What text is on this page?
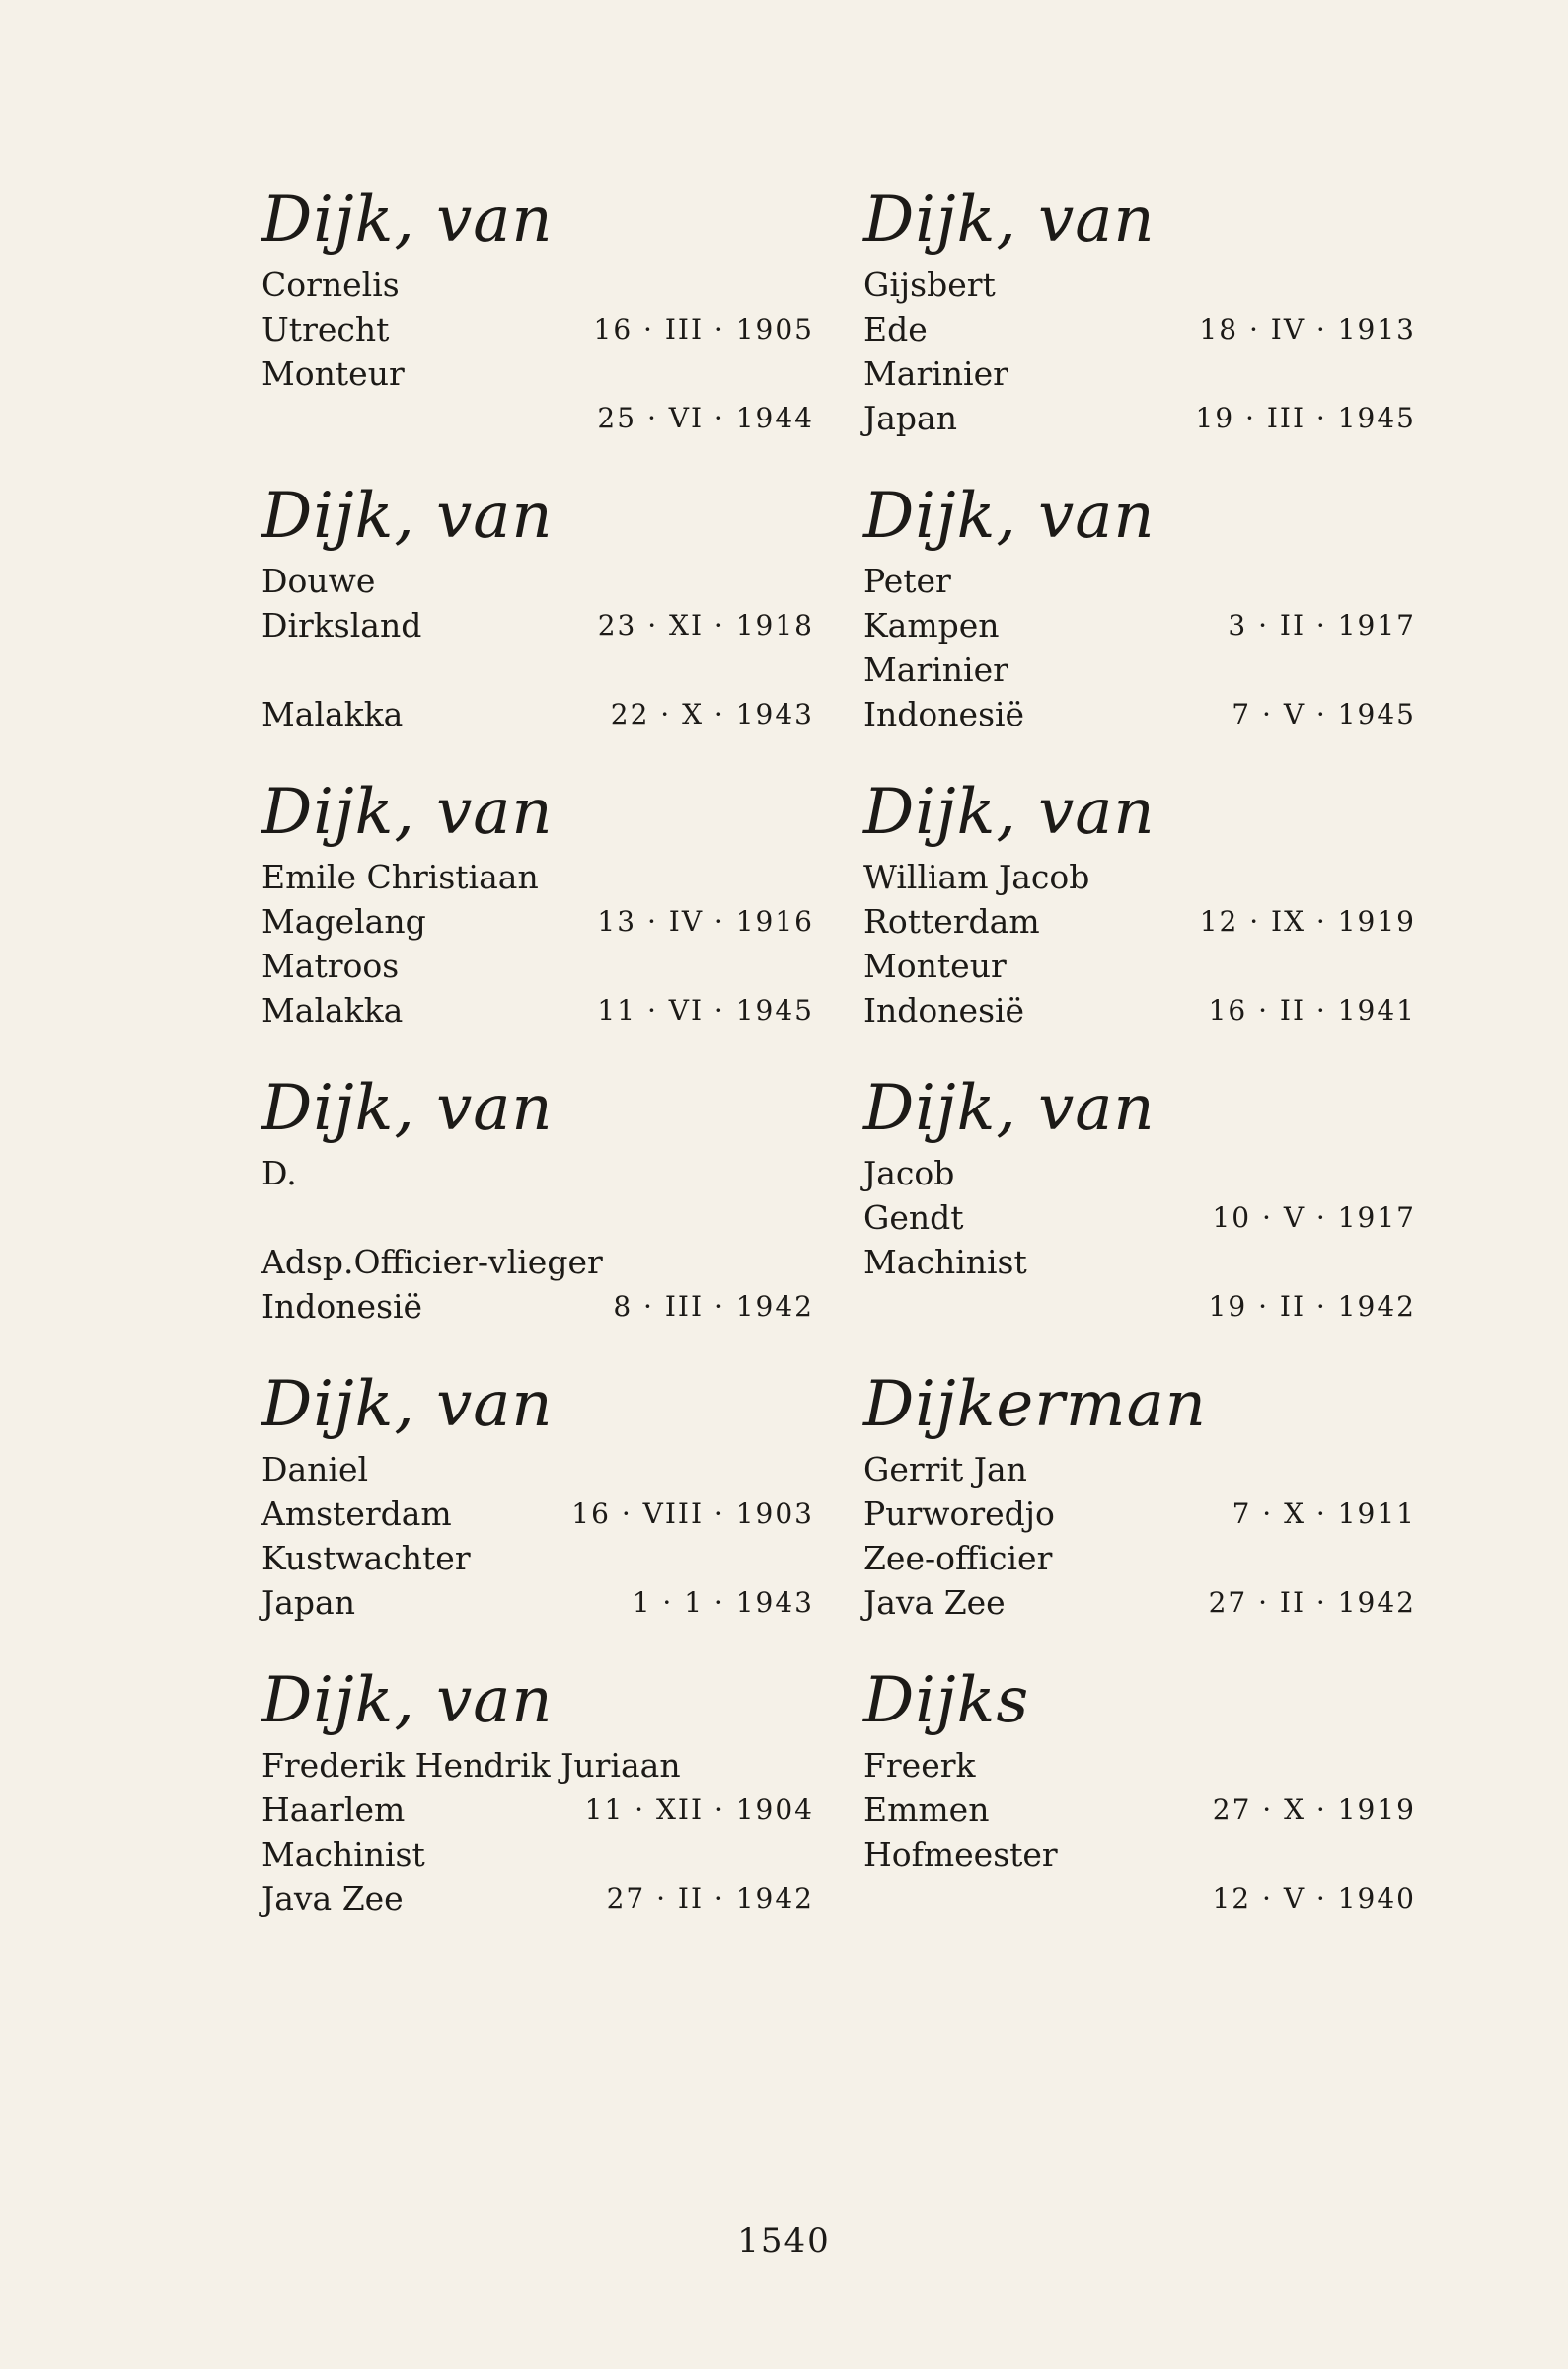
Dijk, van
Cornelis
Utrecht	16 · III · 1905
Monteur
25 · VI · 1944
Dijk, van
Douwe
Dirksland	23 · XI · 1918
Malakka	22 · X · 1943
Dijk, van
Emile Christiaan
Magelang	13 · IV · 1916
Matroos
Malakka	11 · VI · 1945
Dijk, van
D.
Adsp.Officier-vlieger
Indonesië	8 · III · 1942
Dijk, van
Daniel
Amsterdam	16 · VIII · 1903
Kustwachter
Japan	1 · 1 · 1943
Dijk, van
Frederik Hendrik Juriaan
Haarlem	11 · XII · 1904
Machinist
Java Zee	27 · II · 1942
Dijk, van
Gijsbert
Ede	18 · IV · 1913
Marinier
Japan	19 · III · 1945
Dijk, van
Peter
Kampen	3 · II · 1917
Marinier
Indonesië	7 · V · 1945
Dijk, van
William Jacob
Rotterdam	12 · IX · 1919
Monteur
Indonesië	16 · II · 1941
Dijk, van
Jacob
Gendt	10 · V · 1917
Machinist
19 · II · 1942
Dijkerman
Gerrit Jan
Purworedjo	7 · X · 1911
Zee-officier
Java Zee	27 · II · 1942
Dijks
Freerk
Emmen	27 · X · 1919
Hofmeester
12 · V · 1940
1540
